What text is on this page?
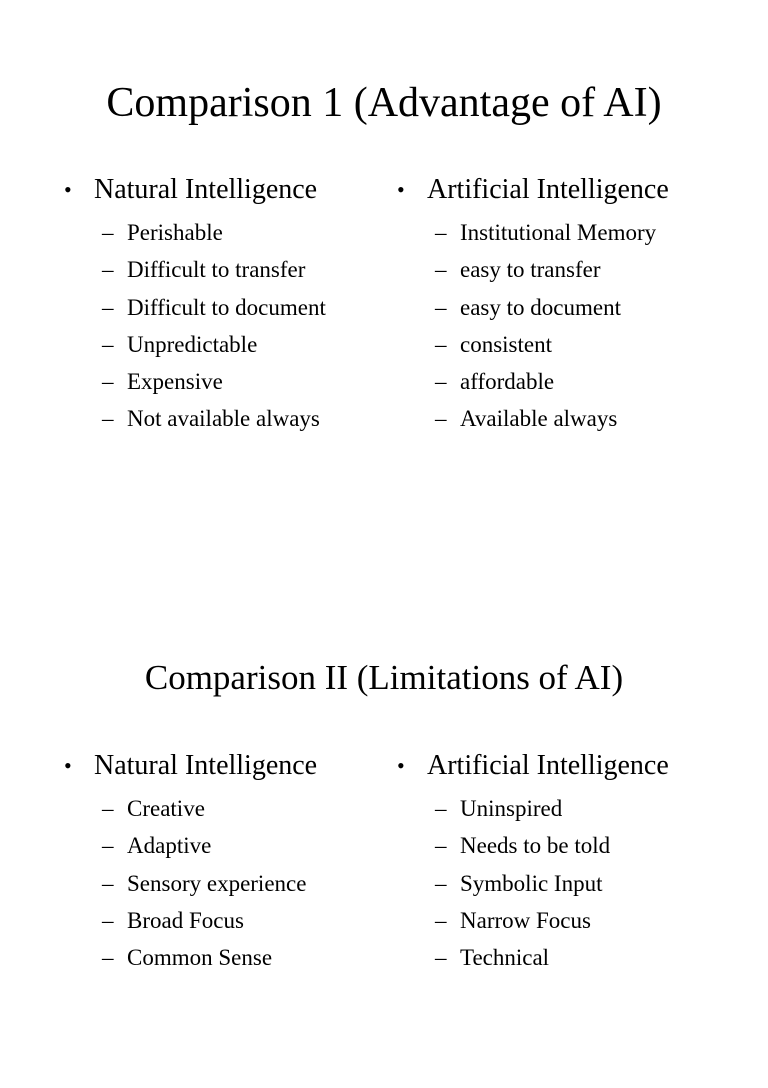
Comparison 1 (Advantage of AI)
• Natural Intelligence
– Perishable
– Difficult to transfer
– Difficult to document
– Unpredictable
– Expensive
– Not available always
• Artificial Intelligence
– Institutional Memory
– easy to transfer
– easy to document
– consistent
– affordable
– Available always
Comparison II (Limitations of AI)
• Natural Intelligence
– Creative
– Adaptive
– Sensory experience
– Broad Focus
– Common Sense
• Artificial Intelligence
– Uninspired
– Needs to be told
– Symbolic Input
– Narrow Focus
– Technical
